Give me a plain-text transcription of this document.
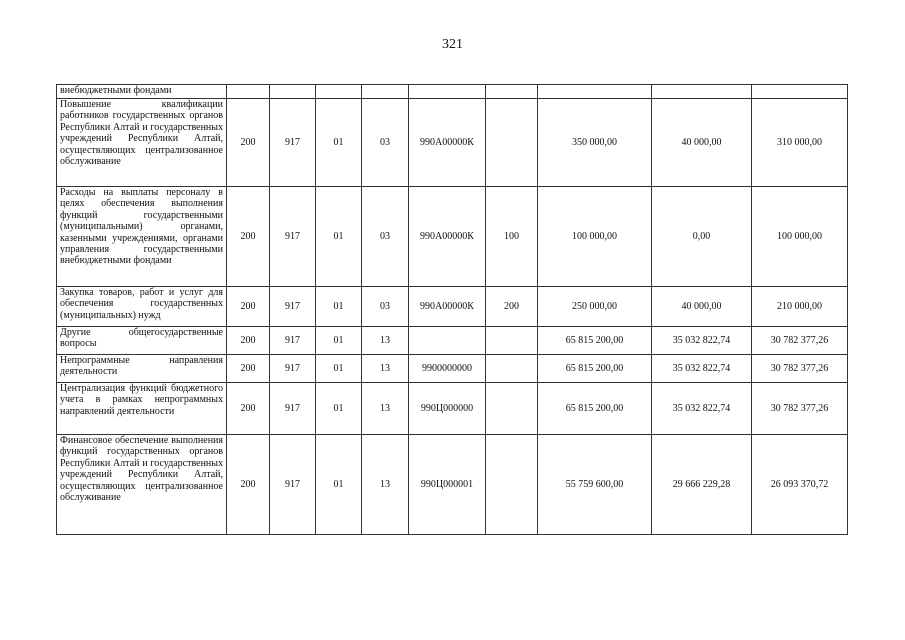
321
внебюджетными фондами									
Повышение квалификации работников государственных органов Республики Алтай и государственных учреждений Республики Алтай, осуществляющих централизованное обслуживание	200	917	01	03	990А00000К		350 000,00	40 000,00	310 000,00
Расходы на выплаты персоналу в целях обеспечения выполнения функций государственными (муниципальными) органами, казенными учреждениями, органами управления государственными внебюджетными фондами	200	917	01	03	990А00000К	100	100 000,00	0,00	100 000,00
Закупка товаров, работ и услуг для обеспечения государственных (муниципальных) нужд	200	917	01	03	990А00000К	200	250 000,00	40 000,00	210 000,00
Другие общегосударственные вопросы	200	917	01	13			65 815 200,00	35 032 822,74	30 782 377,26
Непрограммные направления деятельности	200	917	01	13	9900000000		65 815 200,00	35 032 822,74	30 782 377,26
Централизация функций бюджетного учета в рамках непрограммных направлений деятельности	200	917	01	13	990Ц000000		65 815 200,00	35 032 822,74	30 782 377,26
Финансовое обеспечение выполнения функций государственных органов Республики Алтай и государственных учреждений Республики Алтай, осуществляющих централизованное обслуживание	200	917	01	13	990Ц000001		55 759 600,00	29 666 229,28	26 093 370,72
